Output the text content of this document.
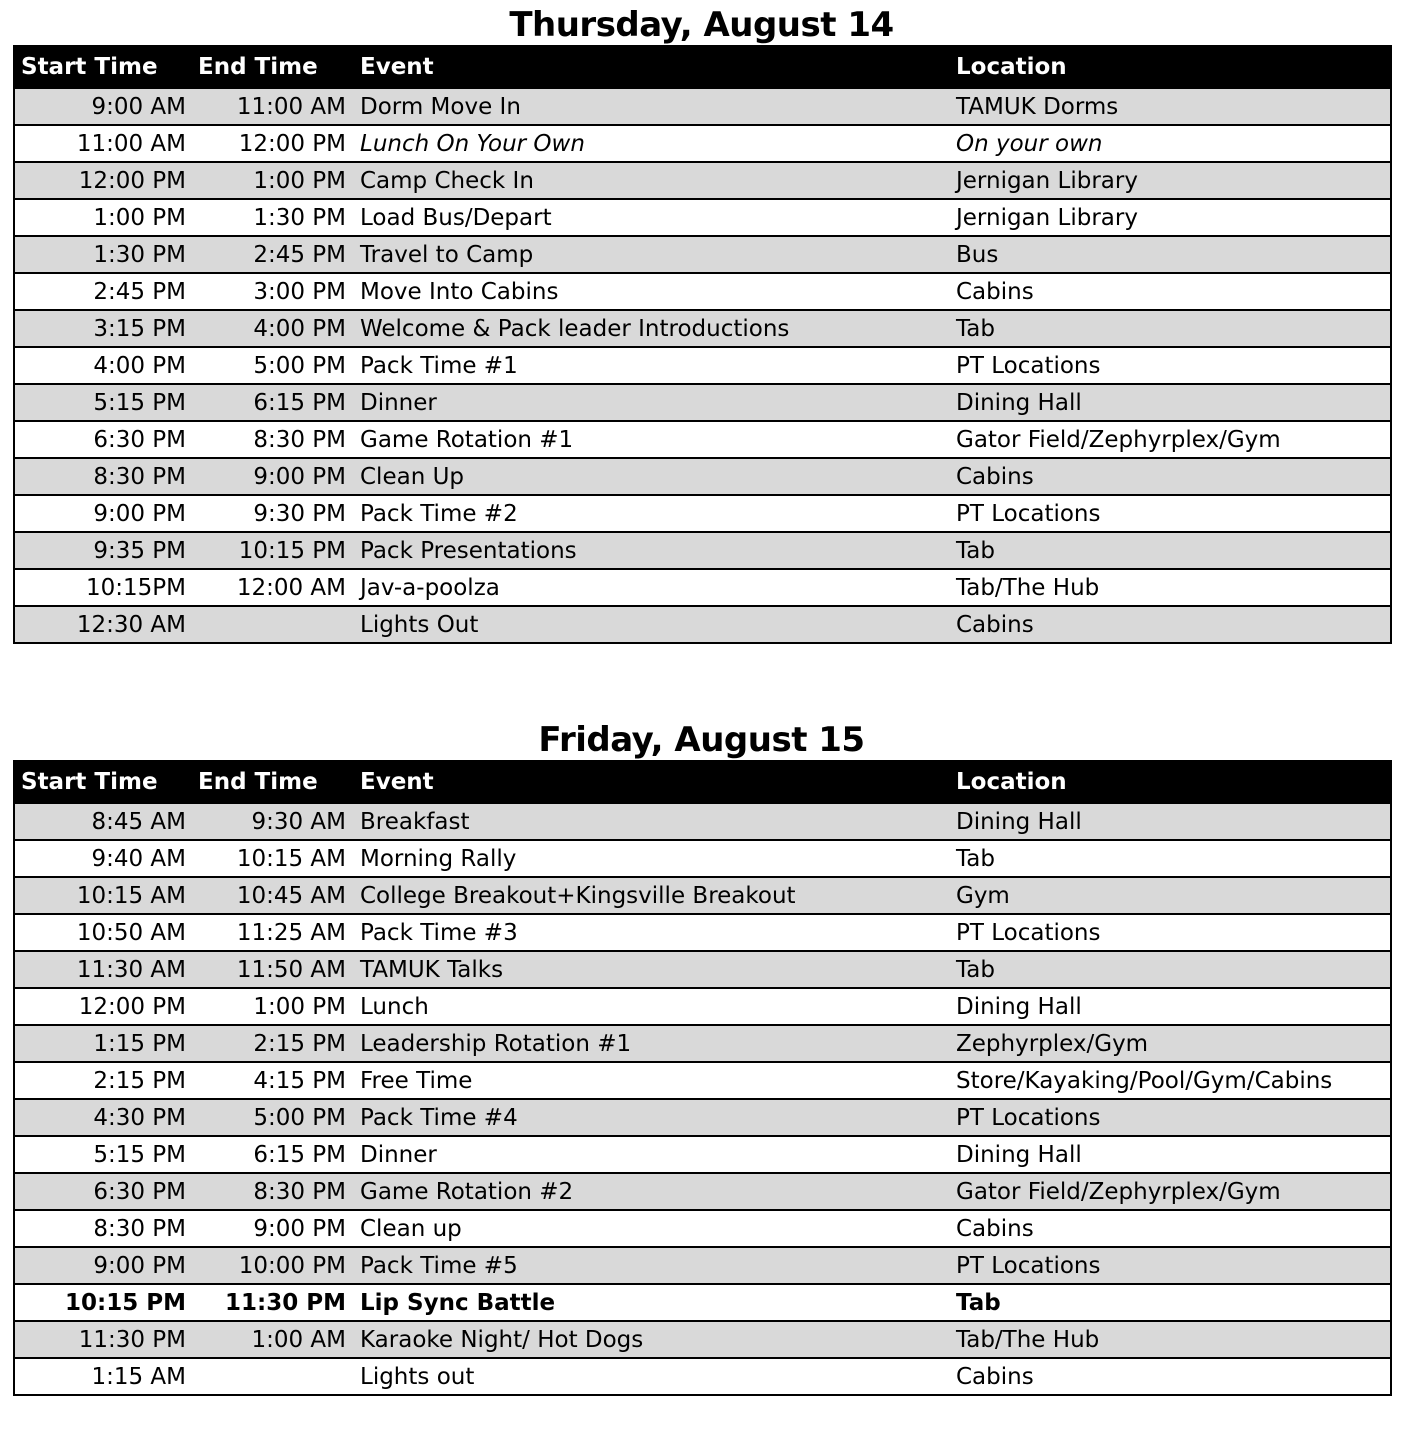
Thursday, August 14
Start Time	End Time	Event	Location
9:00 AM	11:00 AM	Dorm Move In	TAMUK Dorms
11:00 AM	12:00 PM	Lunch On Your Own	On your own
12:00 PM	1:00 PM	Camp Check In	Jernigan Library
1:00 PM	1:30 PM	Load Bus/Depart	Jernigan Library
1:30 PM	2:45 PM	Travel to Camp	Bus
2:45 PM	3:00 PM	Move Into Cabins	Cabins
3:15 PM	4:00 PM	Welcome & Pack leader Introductions	Tab
4:00 PM	5:00 PM	Pack Time #1	PT Locations
5:15 PM	6:15 PM	Dinner	Dining Hall
6:30 PM	8:30 PM	Game Rotation #1	Gator Field/Zephyrplex/Gym
8:30 PM	9:00 PM	Clean Up	Cabins
9:00 PM	9:30 PM	Pack Time #2	PT Locations
9:35 PM	10:15 PM	Pack Presentations	Tab
10:15PM	12:00 AM	Jav-a-poolza	Tab/The Hub
12:30 AM		Lights Out	Cabins
Friday, August 15
Start Time	End Time	Event	Location
8:45 AM	9:30 AM	Breakfast	Dining Hall
9:40 AM	10:15 AM	Morning Rally	Tab
10:15 AM	10:45 AM	College Breakout+Kingsville Breakout	Gym
10:50 AM	11:25 AM	Pack Time #3	PT Locations
11:30 AM	11:50 AM	TAMUK Talks	Tab
12:00 PM	1:00 PM	Lunch	Dining Hall
1:15 PM	2:15 PM	Leadership Rotation #1	Zephyrplex/Gym
2:15 PM	4:15 PM	Free Time	Store/Kayaking/Pool/Gym/Cabins
4:30 PM	5:00 PM	Pack Time #4	PT Locations
5:15 PM	6:15 PM	Dinner	Dining Hall
6:30 PM	8:30 PM	Game Rotation #2	Gator Field/Zephyrplex/Gym
8:30 PM	9:00 PM	Clean up	Cabins
9:00 PM	10:00 PM	Pack Time #5	PT Locations
10:15 PM	11:30 PM	Lip Sync Battle	Tab
11:30 PM	1:00 AM	Karaoke Night/ Hot Dogs	Tab/The Hub
1:15 AM		Lights out	Cabins
